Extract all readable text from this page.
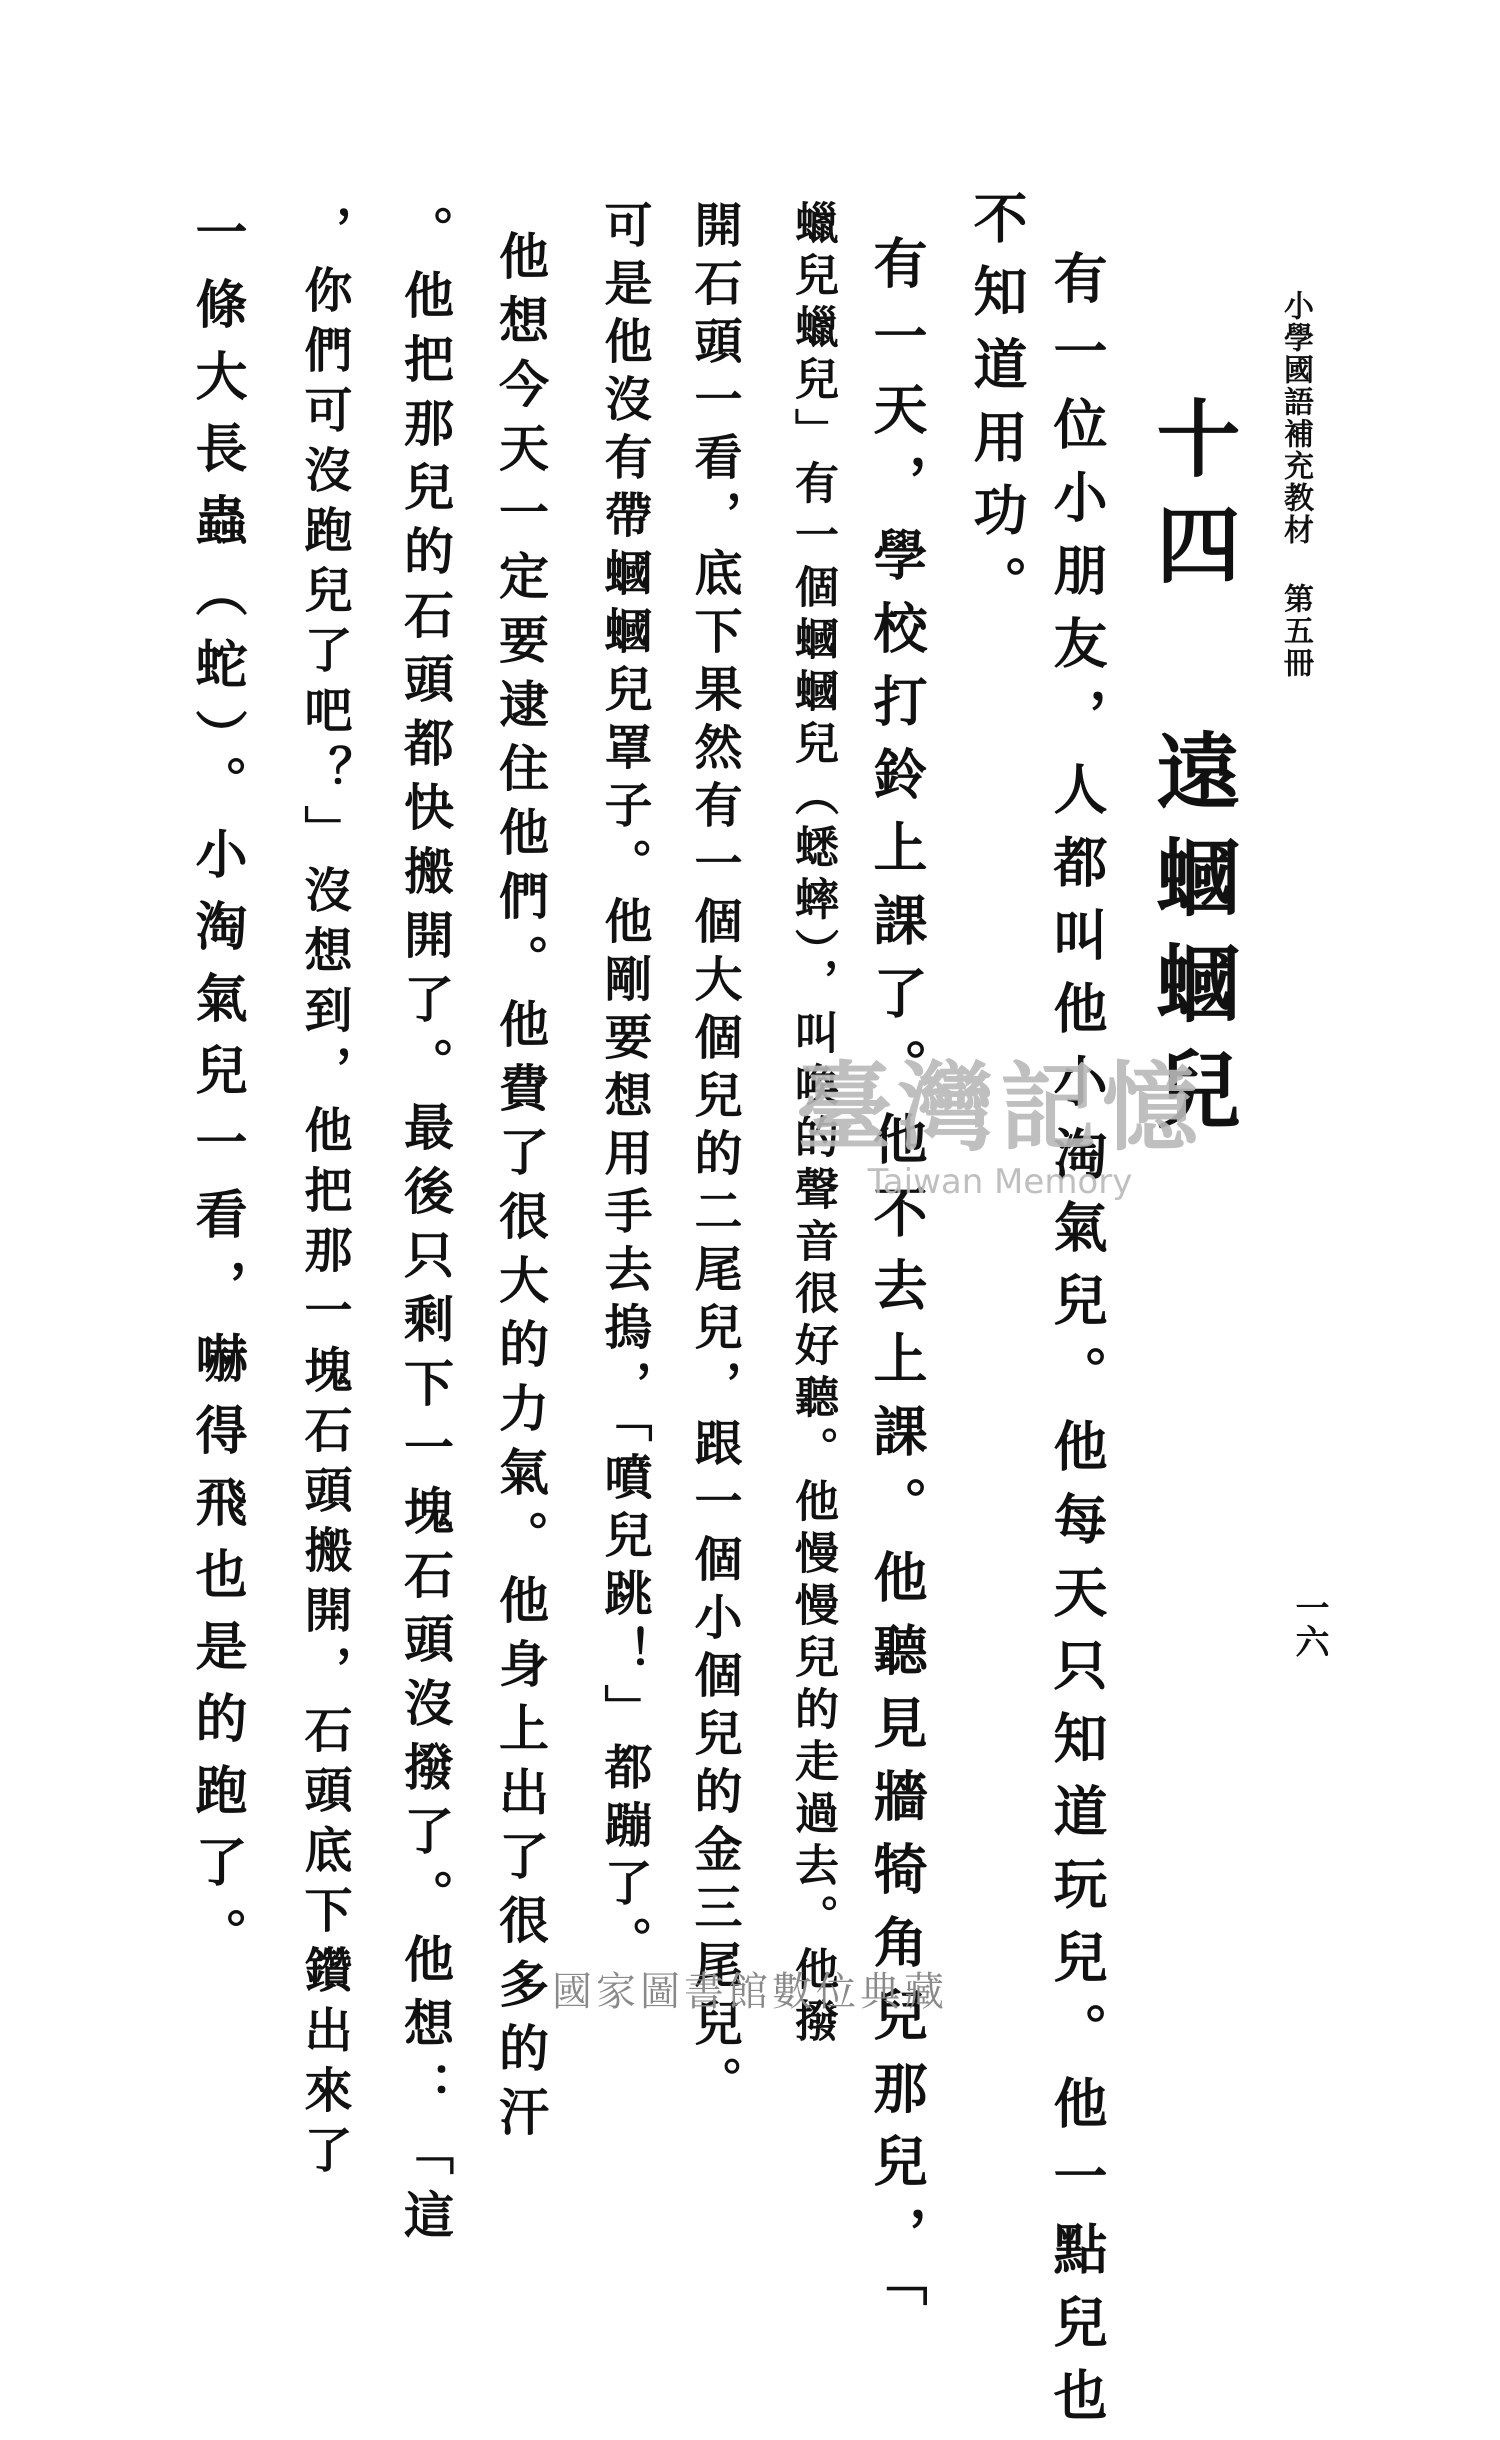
小學國語補充教材 第五冊
一六
十四 遠蟈蟈兒
有一位小朋友，人都叫他小淘氣兒。他每天只知道玩兒。他一點兒也
不知道用功。
有一天，學校打鈴上課了。他不去上課。他聽見牆犄角兒那兒，「
蠟兒蠟兒」有一個蟈蟈兒（蟋蟀），叫喚的聲音很好聽。他慢慢兒的走過去。他撥
開石頭一看，底下果然有一個大個兒的二尾兒，跟一個小個兒的金三尾兒。
可是他沒有帶蟈蟈兒罩子。他剛要想用手去摀，「噴兒跳！」都蹦了。
他想今天一定要逮住他們。他費了很大的力氣。他身上出了很多的汗
。他把那兒的石頭都快搬開了。最後只剩下一塊石頭沒撥了。他想：「這
，你們可沒跑兒了吧？」沒想到，他把那一塊石頭搬開，石頭底下鑽出來了
一條大長蟲（蛇）。小淘氣兒一看，嚇得飛也是的跑了。	臺灣記憶
Taiwan Memory
國家圖書館數位典藏
